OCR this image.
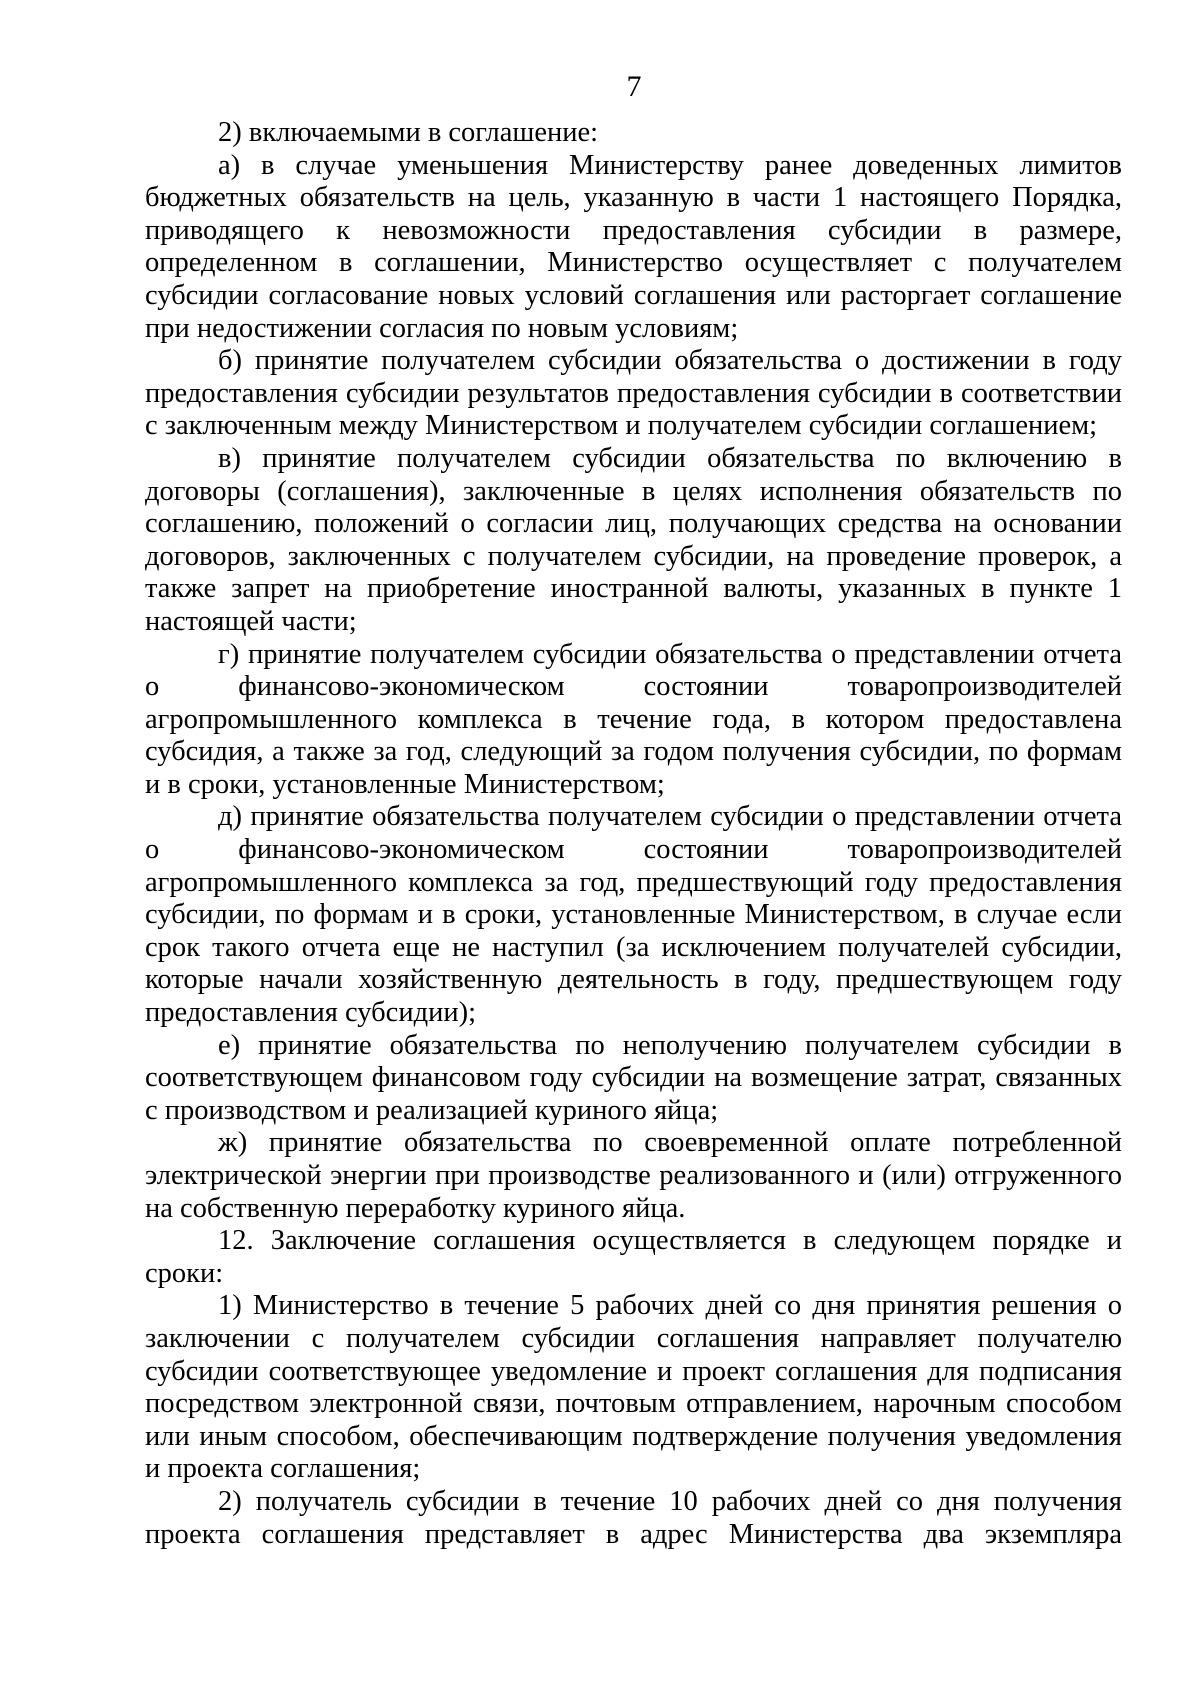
7

2) включаемыми в соглашение:

а) в случае уменьшения Министерству ранее доведенных лимитов бюджетных обязательств на цель, указанную в части 1 настоящего Порядка, приводящего к невозможности предоставления субсидии в размере, определенном в соглашении, Министерство осуществляет с получателем субсидии согласование новых условий соглашения или расторгает соглашение при недостижении согласия по новым условиям;

б) принятие получателем субсидии обязательства о достижении в году предоставления субсидии результатов предоставления субсидии в соответствии с заключенным между Министерством и получателем субсидии соглашением;

в) принятие получателем субсидии обязательства по включению в договоры (соглашения), заключенные в целях исполнения обязательств по соглашению, положений о согласии лиц, получающих средства на основании договоров, заключенных с получателем субсидии, на проведение проверок, а также запрет на приобретение иностранной валюты, указанных в пункте 1 настоящей части;

г) принятие получателем субсидии обязательства о представлении отчета о финансово-экономическом состоянии товаропроизводителей агропромышленного комплекса в течение года, в котором предоставлена субсидия, а также за год, следующий за годом получения субсидии, по формам и в сроки, установленные Министерством;

д) принятие обязательства получателем субсидии о представлении отчета о финансово-экономическом состоянии товаропроизводителей агропромышленного комплекса за год, предшествующий году предоставления субсидии, по формам и в сроки, установленные Министерством, в случае если срок такого отчета еще не наступил (за исключением получателей субсидии, которые начали хозяйственную деятельность в году, предшествующем году предоставления субсидии);

е) принятие обязательства по неполучению получателем субсидии в соответствующем финансовом году субсидии на возмещение затрат, связанных с производством и реализацией куриного яйца;

ж) принятие обязательства по своевременной оплате потребленной электрической энергии при производстве реализованного и (или) отгруженного на собственную переработку куриного яйца.

12. Заключение соглашения осуществляется в следующем порядке и сроки:

1) Министерство в течение 5 рабочих дней со дня принятия решения о заключении с получателем субсидии соглашения направляет получателю субсидии соответствующее уведомление и проект соглашения для подписания посредством электронной связи, почтовым отправлением, нарочным способом или иным способом, обеспечивающим подтверждение получения уведомления и проекта соглашения;

2) получатель субсидии в течение 10 рабочих дней со дня получения проекта соглашения представляет в адрес Министерства два экземпляра
